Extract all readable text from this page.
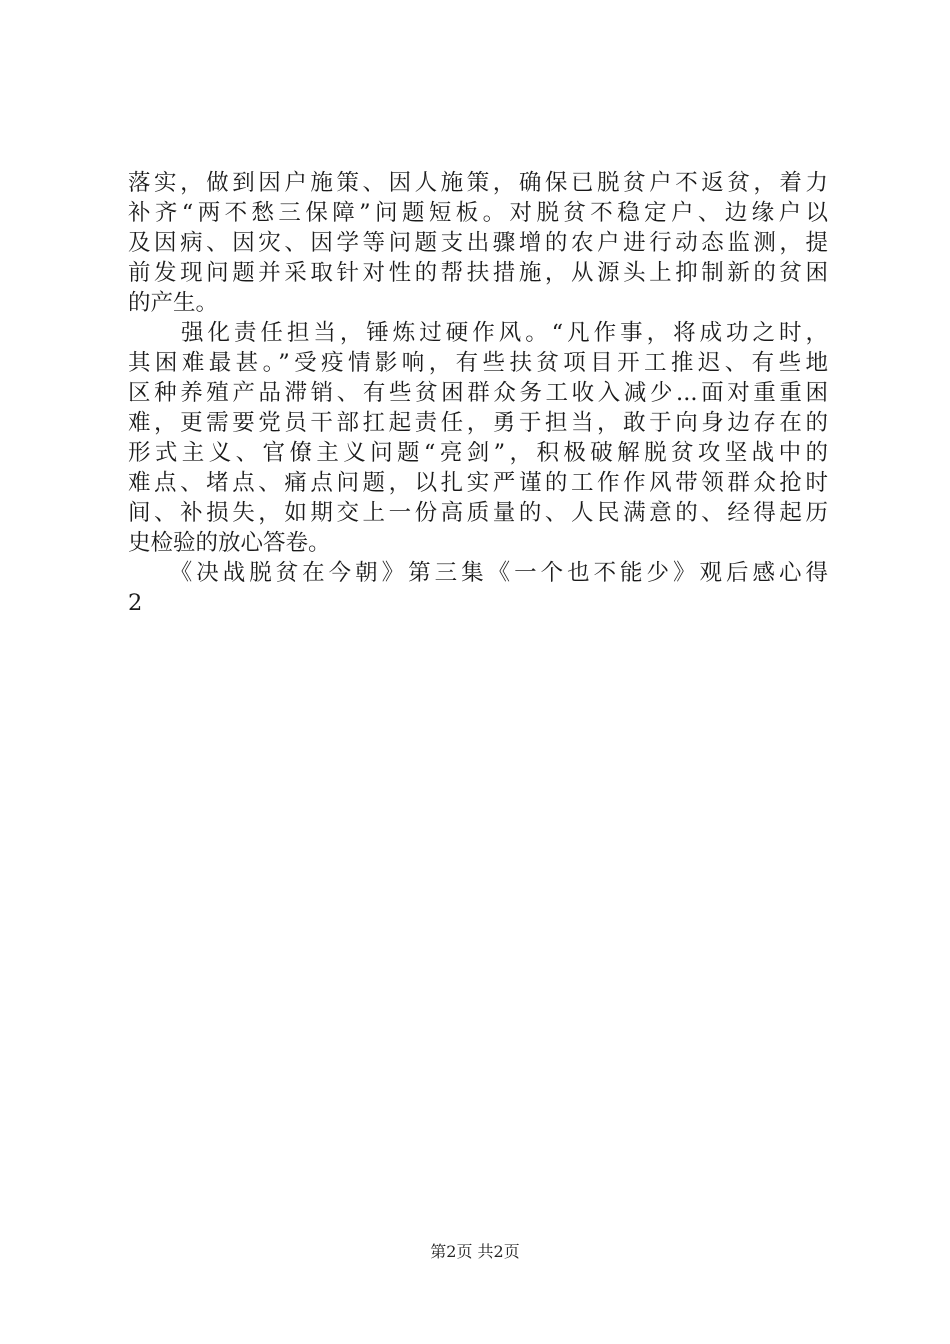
落实，做到因户施策、因人施策，确保已脱贫户不返贫，着力
补齐“两不愁三保障”问题短板。对脱贫不稳定户、边缘户以
及因病、因灾、因学等问题支出骤增的农户进行动态监测，提
前发现问题并采取针对性的帮扶措施，从源头上抑制新的贫困
的产生。
　　强化责任担当，锤炼过硬作风。“凡作事，将成功之时，
其困难最甚。”受疫情影响，有些扶贫项目开工推迟、有些地
区种养殖产品滞销、有些贫困群众务工收入减少...面对重重困
难，更需要党员干部扛起责任，勇于担当，敢于向身边存在的
形式主义、官僚主义问题“亮剑”，积极破解脱贫攻坚战中的
难点、堵点、痛点问题，以扎实严谨的工作作风带领群众抢时
间、补损失，如期交上一份高质量的、人民满意的、经得起历
史检验的放心答卷。
　　《决战脱贫在今朝》第三集《一个也不能少》观后感心得
2
第2页 共2页
